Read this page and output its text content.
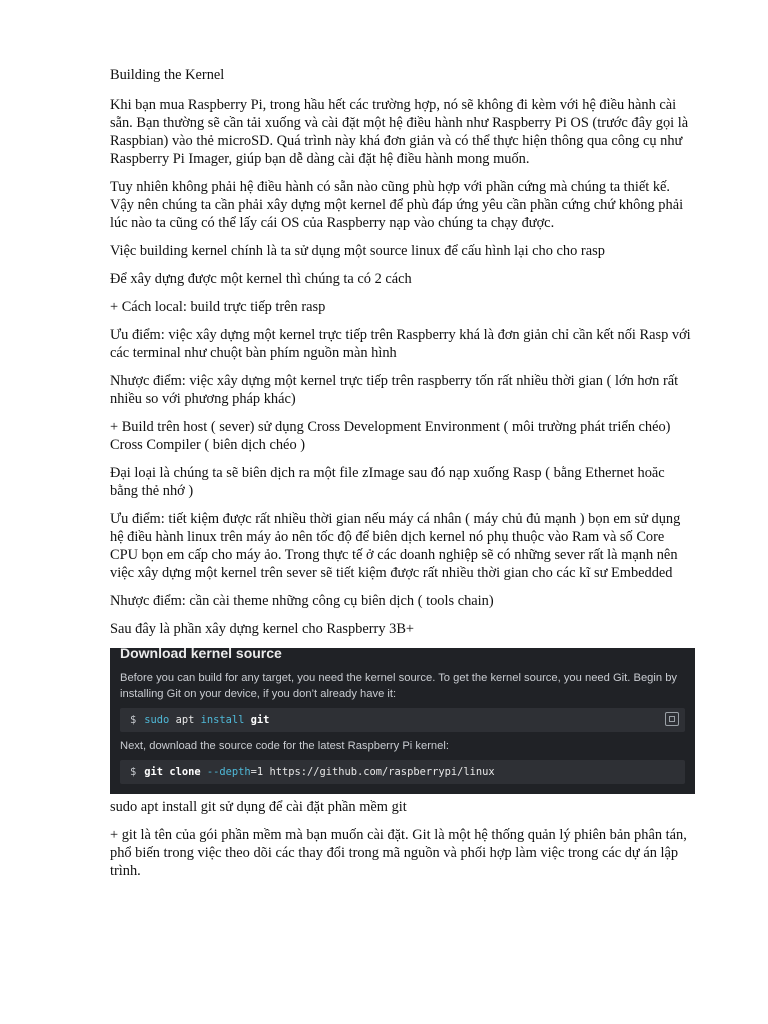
Building the Kernel

Khi bạn mua Raspberry Pi, trong hầu hết các trường hợp, nó sẽ không đi kèm với hệ điều hành cài sẵn. Bạn thường sẽ cần tải xuống và cài đặt một hệ điều hành như Raspberry Pi OS (trước đây gọi là Raspbian) vào thẻ microSD. Quá trình này khá đơn giản và có thể thực hiện thông qua công cụ như Raspberry Pi Imager, giúp bạn dễ dàng cài đặt hệ điều hành mong muốn.

Tuy nhiên không phải hệ điều hành có sẵn nào cũng phù hợp với phần cứng mà chúng ta thiết kế. Vậy nên chúng ta cần phải xây dựng một kernel để phù đáp ứng yêu cần phần cứng chứ không phải lúc nào ta cũng có thể lấy cái OS của Raspberry nạp vào chúng ta chạy được.

Việc building kernel chính là ta sử dụng một source linux để cấu hình lại cho cho rasp

Để xây dựng được một kernel thì chúng ta có 2 cách

+ Cách local: build trực tiếp trên rasp

Ưu điểm: việc xây dựng một kernel trực tiếp trên Raspberry khá là đơn giản chỉ cần kết nối Rasp với các terminal như chuột bàn phím nguồn màn hình

Nhược điểm: việc xây dựng một kernel trực tiếp trên raspberry tốn rất nhiều thời gian ( lớn hơn rất nhiều so với phương pháp khác)

+ Build trên host ( sever) sử dụng Cross Development Environment ( môi trường phát triển chéo) Cross Compiler ( biên dịch chéo )

Đại loại là chúng ta sẽ biên dịch ra một file zImage sau đó nạp xuống Rasp ( bằng Ethernet hoăc bằng thẻ nhớ )

Ưu điểm: tiết kiệm được rất nhiều thời gian nếu máy cá nhân ( máy chủ đủ mạnh ) bọn em sử dụng hệ điều hành linux trên máy ảo nên tốc độ để biên dịch kernel nó phụ thuộc vào Ram và số Core CPU bọn em cấp cho máy ảo. Trong thực tế ở các doanh nghiệp sẽ có những sever rất là mạnh nên việc xây dựng một kernel trên sever sẽ tiết kiệm được rất nhiều thời gian cho các kĩ sư Embedded

Nhược điểm: cần cài theme những công cụ biên dịch ( tools chain)

Sau đây là phần xây dựng kernel cho Raspberry 3B+

Download kernel source
Before you can build for any target, you need the kernel source. To get the kernel source, you need Git. Begin by installing Git on your device, if you don’t already have it:
$ sudo
apt
install
git
Next, download the source code for the latest Raspberry Pi kernel:
$ git
clone
--depth =1
https://github.com/raspberrypi/linux

sudo apt install git sử dụng để cài đặt phần mềm git

+ git là tên của gói phần mềm mà bạn muốn cài đặt. Git là một hệ thống quản lý phiên bản phân tán, phổ biến trong việc theo dõi các thay đổi trong mã nguồn và phối hợp làm việc trong các dự án lập trình.
